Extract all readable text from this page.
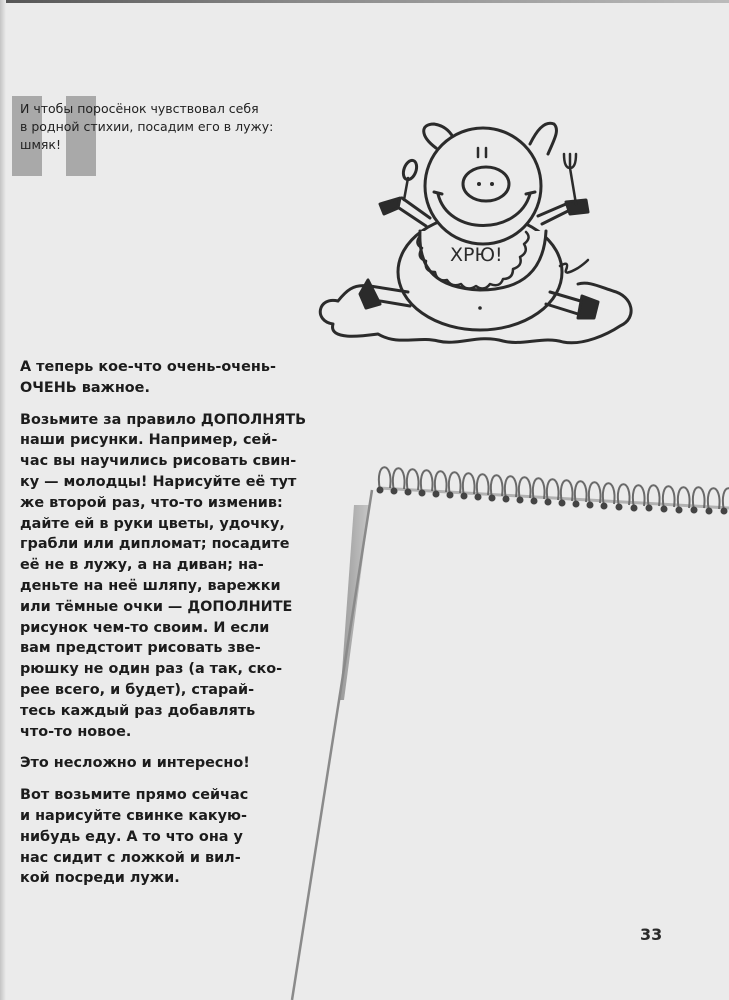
И чтобы поросёнок чувствовал себя
в родной стихии, посадим его в лужу:
шмяк!
ХРЮ!

А теперь кое-что очень-очень-
ОЧЕНЬ важное.

Возьмите за правило ДОПОЛНЯТЬ
наши рисунки. Например, сей-
час вы научились рисовать свин-
ку — молодцы! Нарисуйте её тут
же второй раз, что-то изменив:
дайте ей в руки цветы, удочку,
грабли или дипломат; посадите
её не в лужу, а на диван; на-
деньте на неё шляпу, варежки
или тёмные очки — ДОПОЛНИТЕ
рисунок чем-то своим. И если
вам предстоит рисовать зве-
рюшку не один раз (а так, ско-
рее всего, и будет), старай-
тесь каждый раз добавлять
что-то новое.

Это несложно и интересно!

Вот возьмите прямо сейчас
и нарисуйте свинке какую-
нибудь еду. А то что она у
нас сидит с ложкой и вил-
кой посреди лужи.

33
